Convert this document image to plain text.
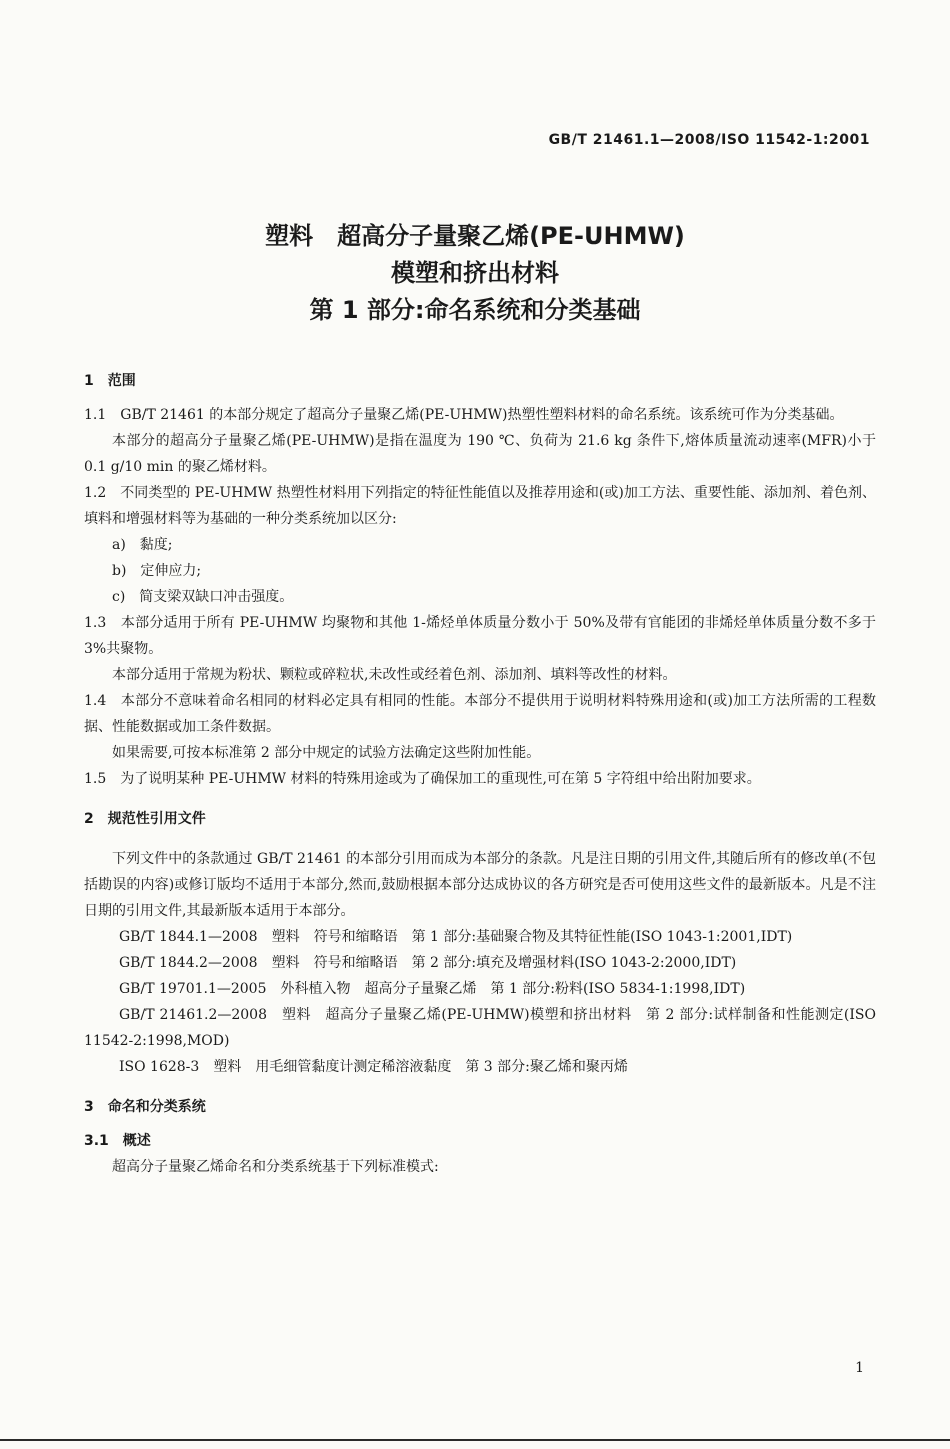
GB/T 21461.1—2008/ISO 11542-1:2001
塑料　超高分子量聚乙烯(PE-UHMW)
模塑和挤出材料
第 1 部分:命名系统和分类基础
1　范围

1.1　GB/T 21461 的本部分规定了超高分子量聚乙烯(PE-UHMW)热塑性塑料材料的命名系统。该系统可作为分类基础。

本部分的超高分子量聚乙烯(PE-UHMW)是指在温度为 190 ℃、负荷为 21.6 kg 条件下,熔体质量流动速率(MFR)小于 0.1 g/10 min 的聚乙烯材料。

1.2　不同类型的 PE-UHMW 热塑性材料用下列指定的特征性能值以及推荐用途和(或)加工方法、重要性能、添加剂、着色剂、填料和增强材料等为基础的一种分类系统加以区分:

a)　黏度;

b)　定伸应力;

c)　简支梁双缺口冲击强度。

1.3　本部分适用于所有 PE-UHMW 均聚物和其他 1-烯烃单体质量分数小于 50%及带有官能团的非烯烃单体质量分数不多于 3%共聚物。

本部分适用于常规为粉状、颗粒或碎粒状,未改性或经着色剂、添加剂、填料等改性的材料。

1.4　本部分不意味着命名相同的材料必定具有相同的性能。本部分不提供用于说明材料特殊用途和(或)加工方法所需的工程数据、性能数据或加工条件数据。

如果需要,可按本标准第 2 部分中规定的试验方法确定这些附加性能。

1.5　为了说明某种 PE-UHMW 材料的特殊用途或为了确保加工的重现性,可在第 5 字符组中给出附加要求。

2　规范性引用文件

下列文件中的条款通过 GB/T 21461 的本部分引用而成为本部分的条款。凡是注日期的引用文件,其随后所有的修改单(不包括勘误的内容)或修订版均不适用于本部分,然而,鼓励根据本部分达成协议的各方研究是否可使用这些文件的最新版本。凡是不注日期的引用文件,其最新版本适用于本部分。

GB/T 1844.1—2008　塑料　符号和缩略语　第 1 部分:基础聚合物及其特征性能(ISO 1043-1:2001,IDT)

GB/T 1844.2—2008　塑料　符号和缩略语　第 2 部分:填充及增强材料(ISO 1043-2:2000,IDT)

GB/T 19701.1—2005　外科植入物　超高分子量聚乙烯　第 1 部分:粉料(ISO 5834-1:1998,IDT)

GB/T 21461.2—2008　塑料　超高分子量聚乙烯(PE-UHMW)模塑和挤出材料　第 2 部分:试样制备和性能测定(ISO 11542-2:1998,MOD)

ISO 1628-3　塑料　用毛细管黏度计测定稀溶液黏度　第 3 部分:聚乙烯和聚丙烯

3　命名和分类系统
3.1　概述

超高分子量聚乙烯命名和分类系统基于下列标准模式:

1
